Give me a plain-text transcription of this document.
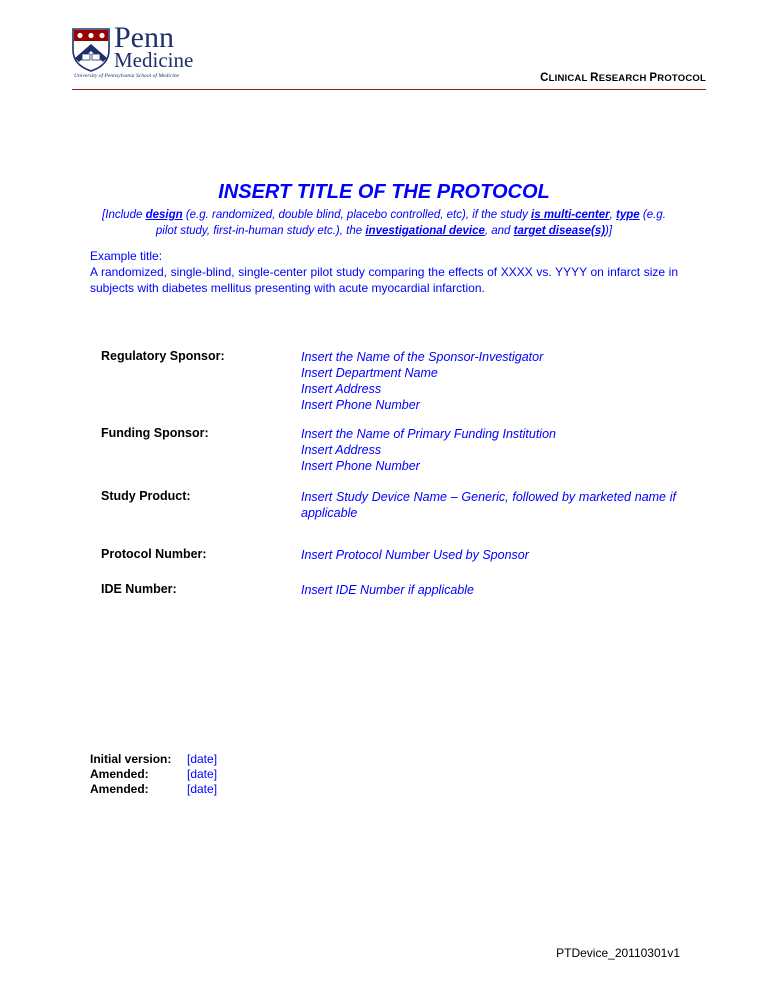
Penn
Medicine
University of Pennsylvania School of Medicine	CLINICAL RESEARCH PROTOCOL
INSERT TITLE OF THE PROTOCOL
[Include design (e.g. randomized, double blind, placebo controlled, etc), if the study is multi-center, type (e.g. pilot study, first-in-human study etc.), the investigational device, and target disease(s))]
Example title:
A randomized, single-blind, single-center pilot study comparing the effects of XXXX vs. YYYY on infarct size in subjects with diabetes mellitus presenting with acute myocardial infarction.
Regulatory Sponsor:	Insert the Name of the Sponsor-Investigator
Insert Department Name
Insert Address
Insert Phone Number
Funding Sponsor:	Insert the Name of Primary Funding Institution
Insert Address
Insert Phone Number
Study Product:	Insert Study Device Name – Generic, followed by marketed name if applicable
Protocol Number:	Insert Protocol Number Used by Sponsor
IDE Number:	Insert IDE Number if applicable
Initial version:	[date]
Amended:	[date]
Amended:	[date]
PTDevice_20110301v1
